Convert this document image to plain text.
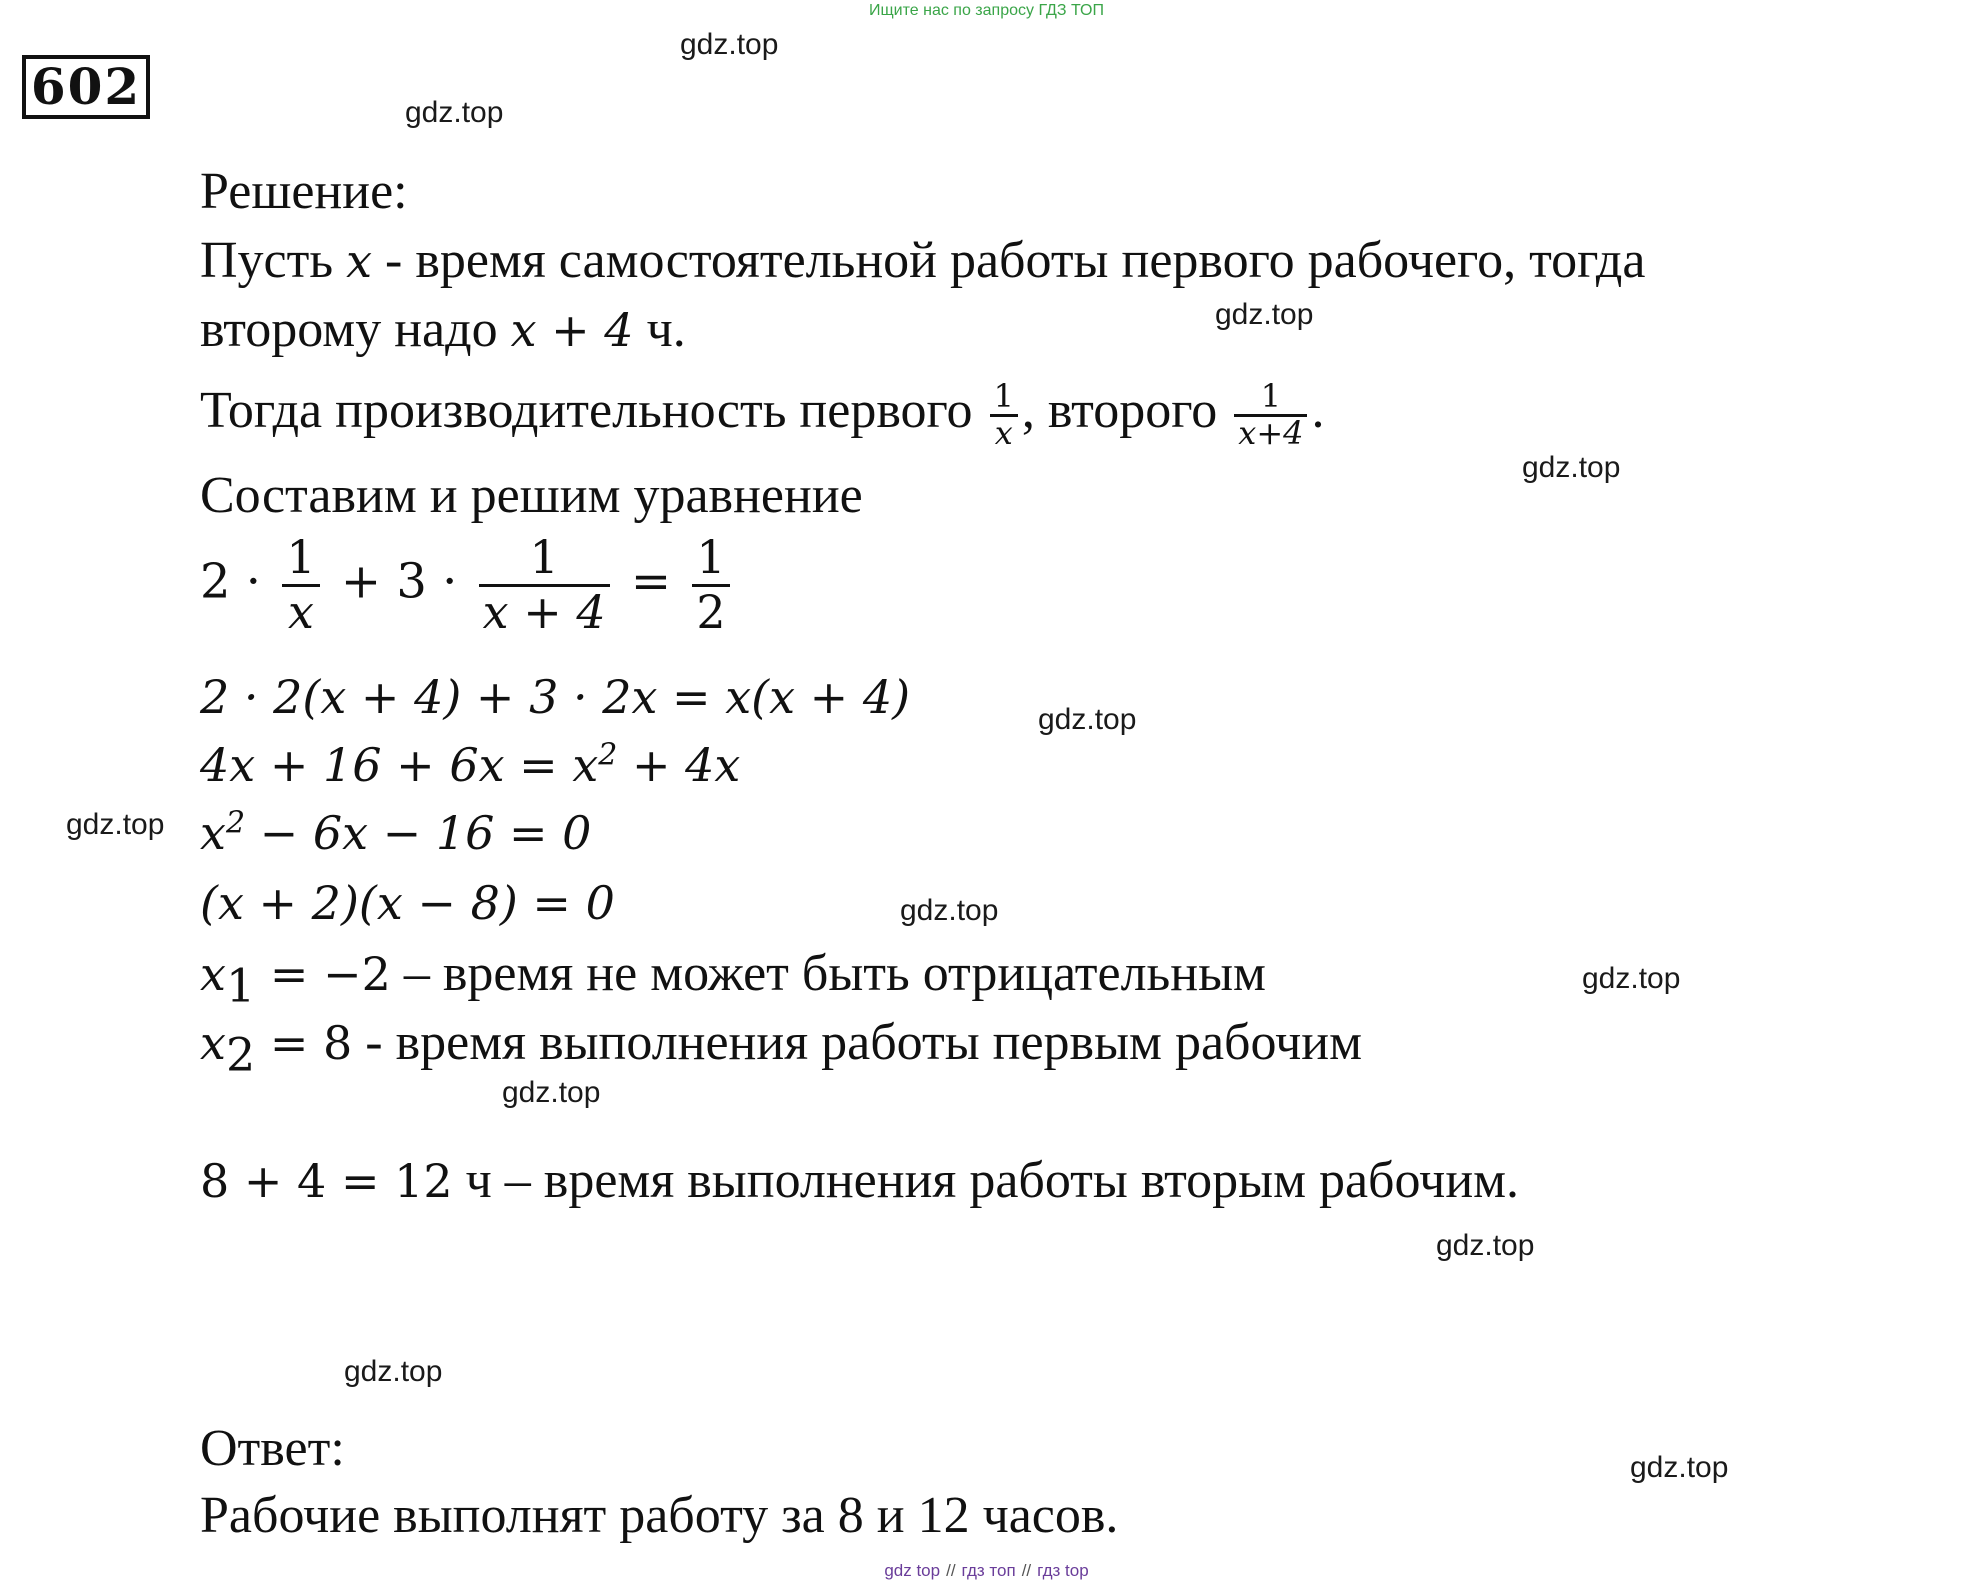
Ищите нас по запросу ГДЗ ТОП
602
gdz.top
gdz.top
gdz.top
gdz.top
gdz.top
gdz.top
gdz.top
gdz.top
gdz.top
gdz.top
gdz.top
gdz.top
Решение:
Пусть x - время самостоятельной работы первого рабочего, тогда
второму надо x + 4 ч.
Тогда производительность первого $\frac{1}{x}$ , второго $\frac{1}{x+4}$ .
Составим и решим уравнение
$2 \cdot \frac{1}{x} + 3 \cdot \frac{1}{x + 4} = \frac{1}{2}$
2 · 2(x + 4) + 3 · 2x = x(x + 4)
$4x + 16 + 6x = x^2 + 4x$
$x^2 - 6x - 16 = 0$
(x + 2)(x − 8) = 0
$x_1 = -2$ – время не может быть отрицательным
$x_2 = 8$ - время выполнения работы первым рабочим
8 + 4 = 12 ч – время выполнения работы вторым рабочим.
Ответ:
Рабочие выполнят работу за 8 и 12 часов.
gdz top // гдз топ // гдз top
